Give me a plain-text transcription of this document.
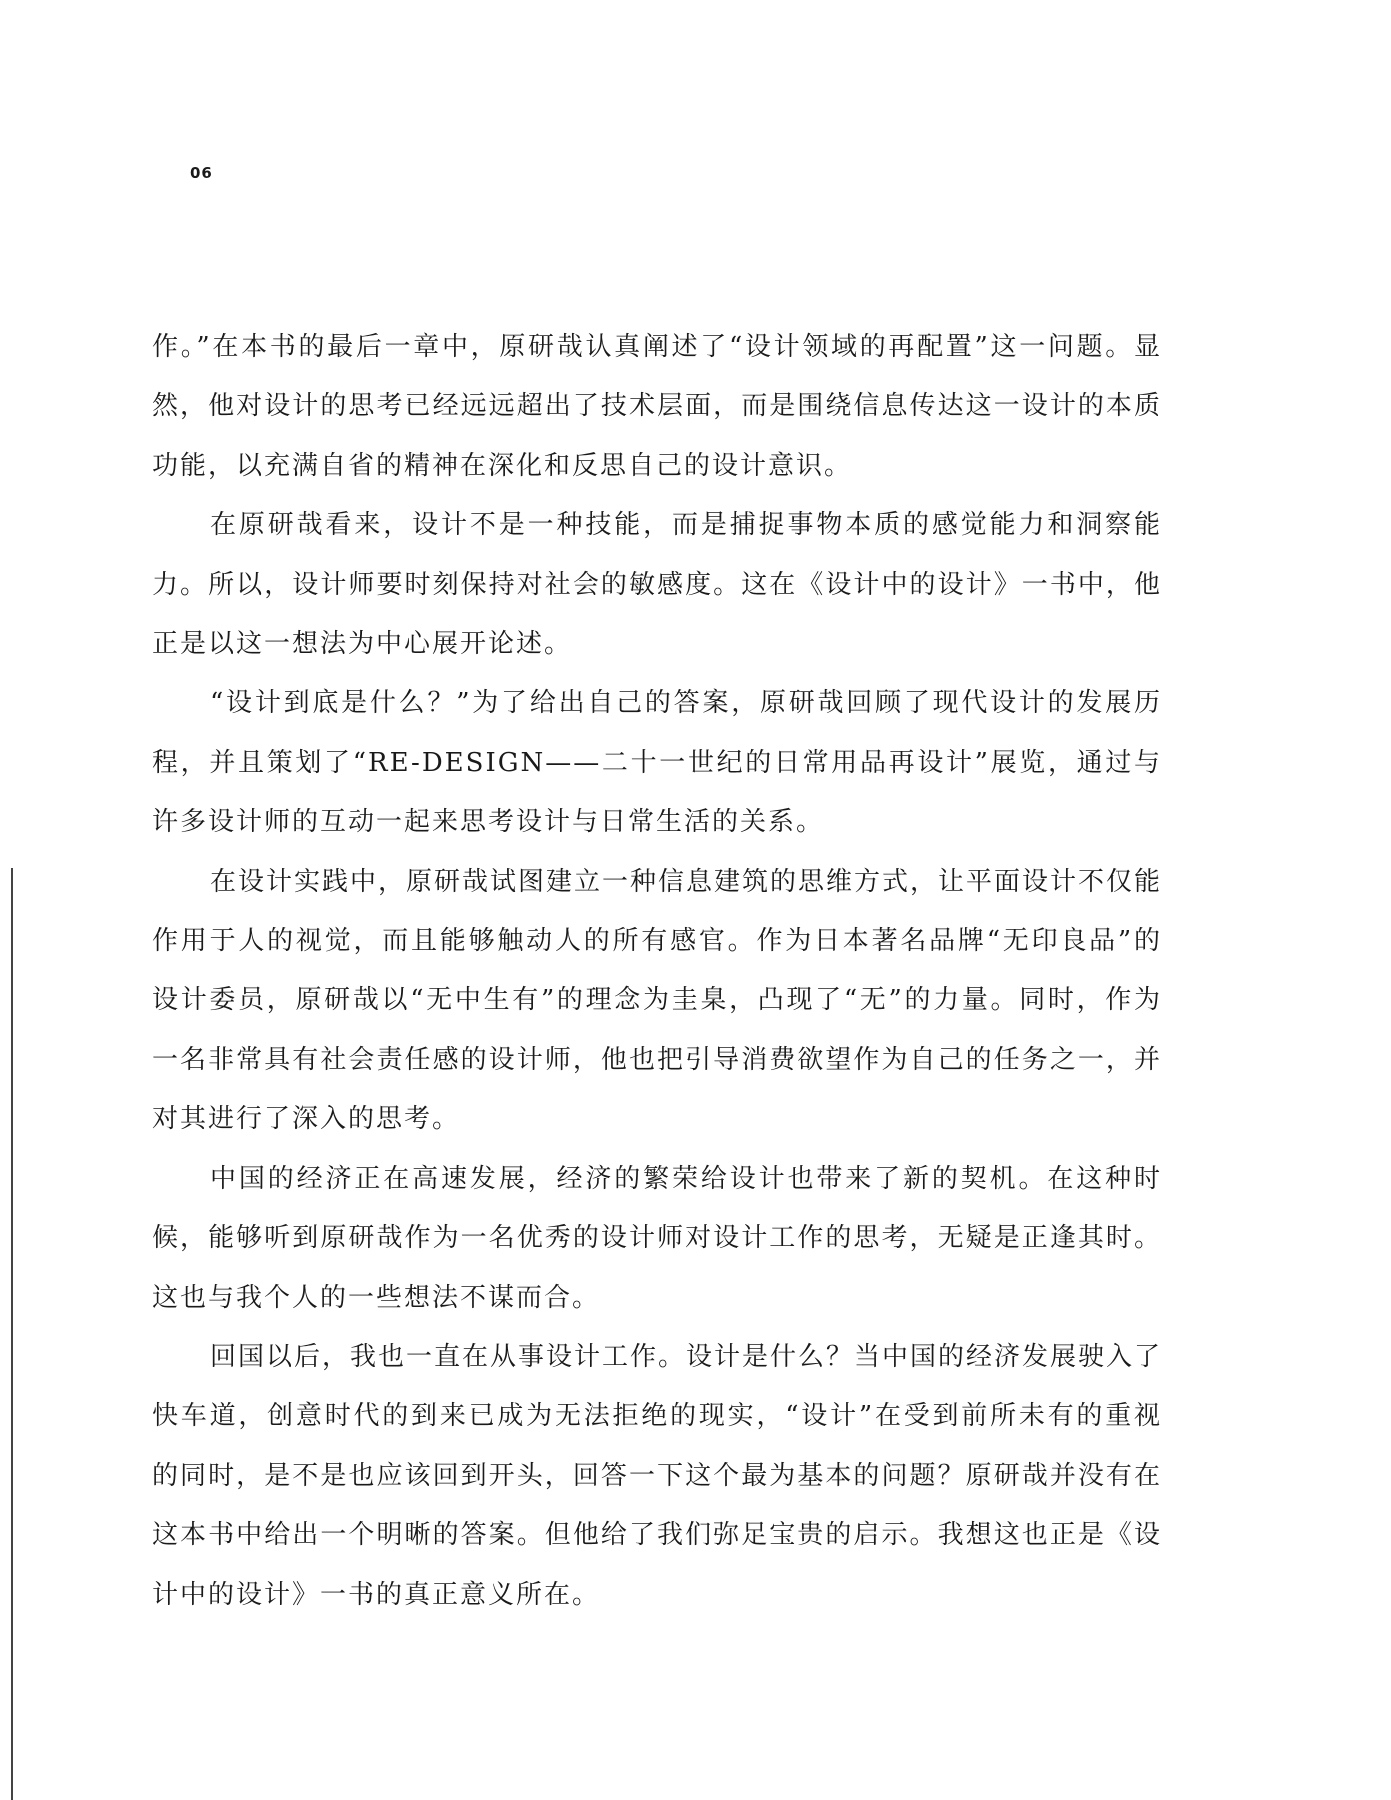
06

作。”在本书的最后一章中，原研哉认真阐述了“设计领域的再配置”这一问题。显然，他对设计的思考已经远远超出了技术层面，而是围绕信息传达这一设计的本质功能，以充满自省的精神在深化和反思自己的设计意识。

在原研哉看来，设计不是一种技能，而是捕捉事物本质的感觉能力和洞察能力。所以，设计师要时刻保持对社会的敏感度。这在《设计中的设计》一书中，他正是以这一想法为中心展开论述。

“设计到底是什么？”为了给出自己的答案，原研哉回顾了现代设计的发展历程，并且策划了“RE-DESIGN——二十一世纪的日常用品再设计”展览，通过与许多设计师的互动一起来思考设计与日常生活的关系。

在设计实践中，原研哉试图建立一种信息建筑的思维方式，让平面设计不仅能作用于人的视觉，而且能够触动人的所有感官。作为日本著名品牌“无印良品”的设计委员，原研哉以“无中生有”的理念为圭臬，凸现了“无”的力量。同时，作为一名非常具有社会责任感的设计师，他也把引导消费欲望作为自己的任务之一，并对其进行了深入的思考。

中国的经济正在高速发展，经济的繁荣给设计也带来了新的契机。在这种时候，能够听到原研哉作为一名优秀的设计师对设计工作的思考，无疑是正逢其时。这也与我个人的一些想法不谋而合。

回国以后，我也一直在从事设计工作。设计是什么？当中国的经济发展驶入了快车道，创意时代的到来已成为无法拒绝的现实，“设计”在受到前所未有的重视的同时，是不是也应该回到开头，回答一下这个最为基本的问题？原研哉并没有在这本书中给出一个明晰的答案。但他给了我们弥足宝贵的启示。我想这也正是《设计中的设计》一书的真正意义所在。
